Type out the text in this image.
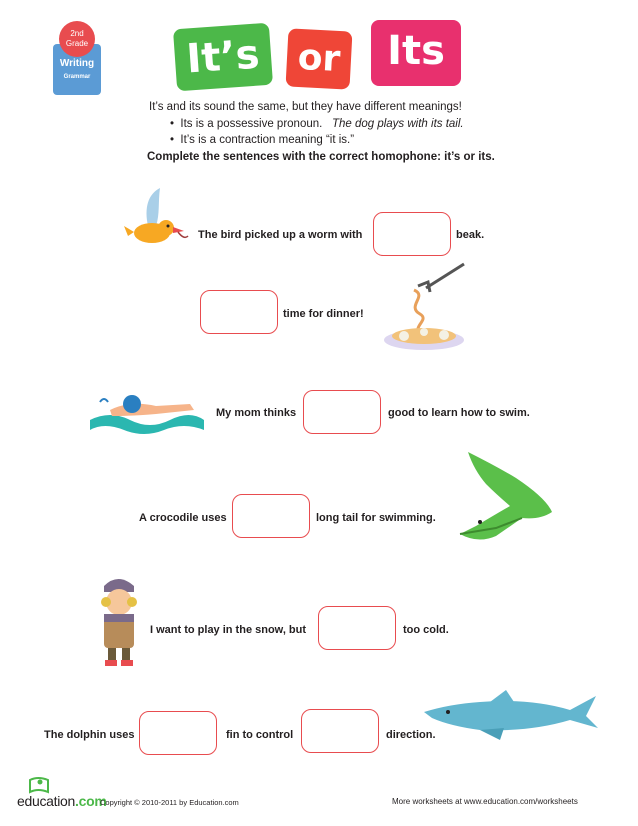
2nd
Grade
Writing
Grammar	It’s or	Its
It’s and its sound the same, but they have different meanings!
•  Its is a possessive pronoun. The dog plays with its tail.
•  It’s is a contraction meaning “it is.”
Complete the sentences with the correct homophone: it’s or its.
The bird picked up a worm with	beak.
time for dinner!
My mom thinks	good to learn how to swim.
A crocodile uses	long tail for swimming.
I want to play in the snow, but	too cold.
The dolphin uses	fin to control	direction.
education.com
Copyright © 2010-2011 by Education.com	More worksheets at www.education.com/worksheets
